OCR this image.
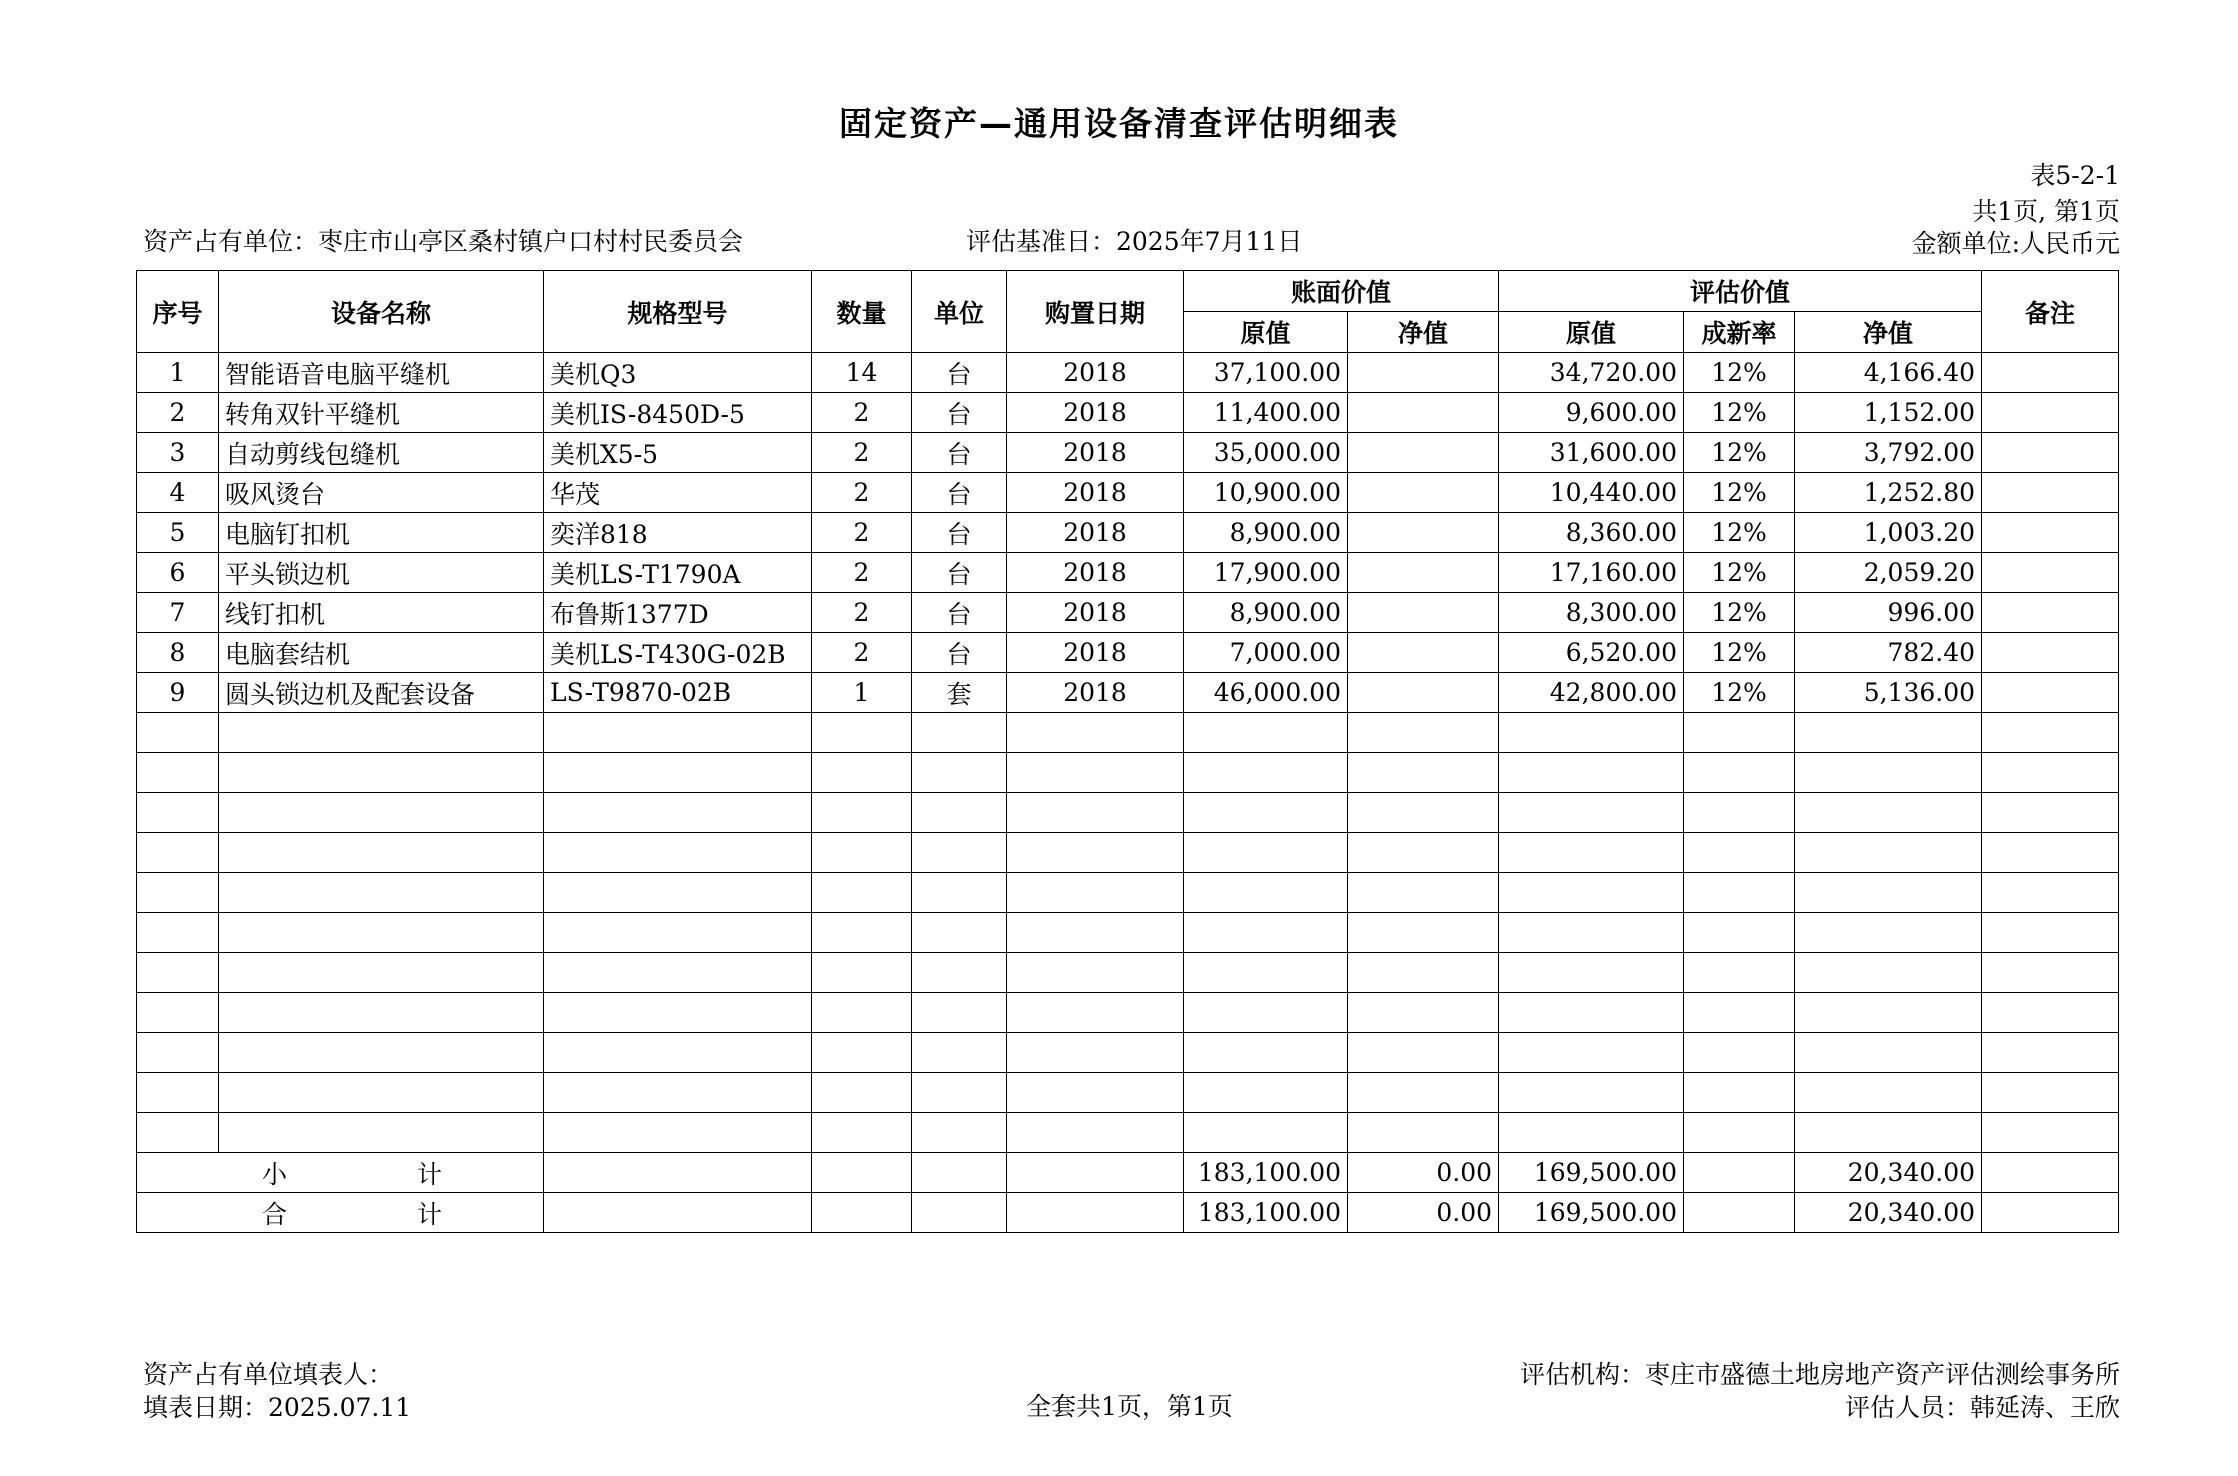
固定资产—通用设备清查评估明细表
表5-2-1
共1页, 第1页
资产占有单位：枣庄市山亭区桑村镇户口村村民委员会	评估基准日：2025年7月11日	金额单位:人民币元
序号	设备名称	规格型号	数量	单位	购置日期	账面价值		评估价值			备注
						原值	净值	原值	成新率	净值	
1	智能语音电脑平缝机	美机Q3	14	台	2018	37,100.00		34,720.00	12%	4,166.40	
2	转角双针平缝机	美机IS-8450D-5	2	台	2018	11,400.00		9,600.00	12%	1,152.00	
3	自动剪线包缝机	美机X5-5	2	台	2018	35,000.00		31,600.00	12%	3,792.00	
4	吸风烫台	华茂	2	台	2018	10,900.00		10,440.00	12%	1,252.80	
5	电脑钉扣机	奕洋818	2	台	2018	8,900.00		8,360.00	12%	1,003.20	
6	平头锁边机	美机LS-T1790A	2	台	2018	17,900.00		17,160.00	12%	2,059.20	
7	线钉扣机	布鲁斯1377D	2	台	2018	8,900.00		8,300.00	12%	996.00	
8	电脑套结机	美机LS-T430G-02B	2	台	2018	7,000.00		6,520.00	12%	782.40	
9	圆头锁边机及配套设备	LS-T9870-02B	1	套	2018	46,000.00		42,800.00	12%	5,136.00	

小 计						183,100.00	0.00	169,500.00		20,340.00	
合 计						183,100.00	0.00	169,500.00		20,340.00	
资产占有单位填表人：
填表日期：2025.07.11	全套共1页，第1页
评估机构：枣庄市盛德土地房地产资产评估测绘事务所
评估人员：韩延涛、王欣
